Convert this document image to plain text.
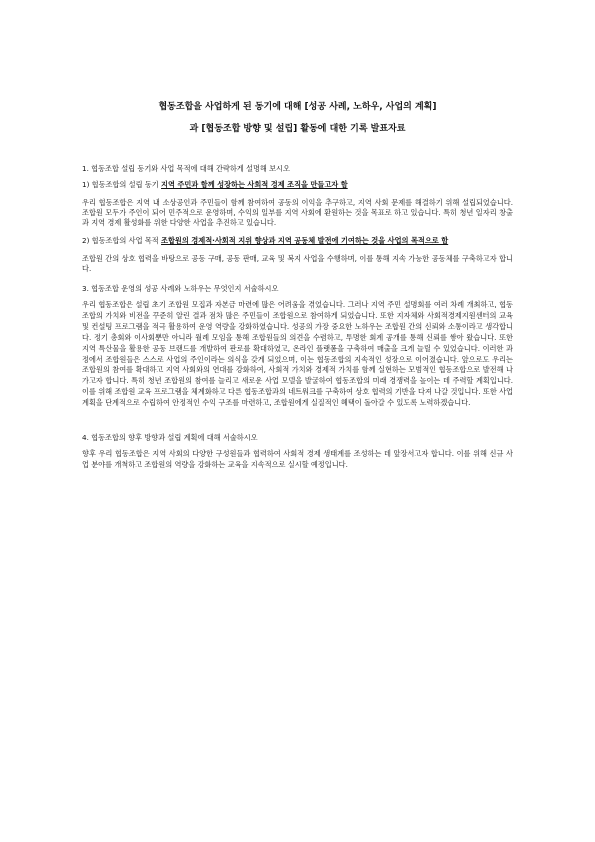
협동조합을 사업하게 된 동기에 대해 [성공 사례, 노하우, 사업의 계획]
과 [협동조합 방향 및 설립] 활동에 대한 기록 발표자료
1. 협동조합 설립 동기와 사업 목적에 대해 간략하게 설명해 보시오
1) 협동조합의 설립 동기 지역 주민과 함께 성장하는 사회적 경제 조직을 만들고자 함

우리 협동조합은 지역 내 소상공인과 주민들이 함께 참여하여 공동의 이익을 추구하고, 지역 사회 문제를 해결하기 위해 설립되었습니다. 조합원 모두가 주인이 되어 민주적으로 운영하며, 수익의 일부를 지역 사회에 환원하는 것을 목표로 하고 있습니다. 특히 청년 일자리 창출과 지역 경제 활성화를 위한 다양한 사업을 추진하고 있습니다.

2) 협동조합의 사업 목적 조합원의 경제적·사회적 지위 향상과 지역 공동체 발전에 기여하는 것을 사업의 목적으로 함

조합원 간의 상호 협력을 바탕으로 공동 구매, 공동 판매, 교육 및 복지 사업을 수행하며, 이를 통해 지속 가능한 공동체를 구축하고자 합니다.

3. 협동조합 운영의 성공 사례와 노하우는 무엇인지 서술하시오

우리 협동조합은 설립 초기 조합원 모집과 자본금 마련에 많은 어려움을 겪었습니다. 그러나 지역 주민 설명회를 여러 차례 개최하고, 협동조합의 가치와 비전을 꾸준히 알린 결과 점차 많은 주민들이 조합원으로 참여하게 되었습니다. 또한 지자체와 사회적경제지원센터의 교육 및 컨설팅 프로그램을 적극 활용하여 운영 역량을 강화하였습니다. 성공의 가장 중요한 노하우는 조합원 간의 신뢰와 소통이라고 생각합니다. 정기 총회와 이사회뿐만 아니라 월례 모임을 통해 조합원들의 의견을 수렴하고, 투명한 회계 공개를 통해 신뢰를 쌓아 왔습니다. 또한 지역 특산물을 활용한 공동 브랜드를 개발하여 판로를 확대하였고, 온라인 플랫폼을 구축하여 매출을 크게 늘릴 수 있었습니다. 이러한 과정에서 조합원들은 스스로 사업의 주인이라는 의식을 갖게 되었으며, 이는 협동조합의 지속적인 성장으로 이어졌습니다. 앞으로도 우리는 조합원의 참여를 확대하고 지역 사회와의 연대를 강화하여, 사회적 가치와 경제적 가치를 함께 실현하는 모범적인 협동조합으로 발전해 나가고자 합니다. 특히 청년 조합원의 참여를 늘리고 새로운 사업 모델을 발굴하여 협동조합의 미래 경쟁력을 높이는 데 주력할 계획입니다. 이를 위해 조합원 교육 프로그램을 체계화하고 다른 협동조합과의 네트워크를 구축하여 상호 협력의 기반을 다져 나갈 것입니다. 또한 사업 계획을 단계적으로 수립하여 안정적인 수익 구조를 마련하고, 조합원에게 실질적인 혜택이 돌아갈 수 있도록 노력하겠습니다.

4. 협동조합의 향후 방향과 설립 계획에 대해 서술하시오

향후 우리 협동조합은 지역 사회의 다양한 구성원들과 협력하여 사회적 경제 생태계를 조성하는 데 앞장서고자 합니다. 이를 위해 신규 사업 분야를 개척하고 조합원의 역량을 강화하는 교육을 지속적으로 실시할 예정입니다.
